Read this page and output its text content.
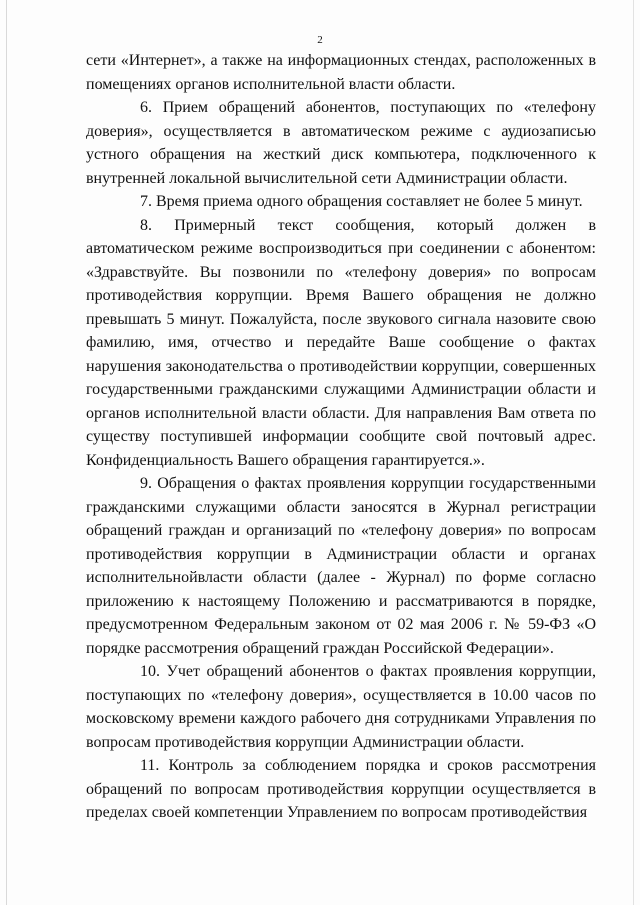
2

сети «Интернет», а также на информационных стендах, расположенных в помещениях органов исполнительной власти области.

6. Прием обращений абонентов, поступающих по «телефону доверия», осуществляется в автоматическом режиме с аудиозаписью устного обращения на жесткий диск компьютера, подключенного к внутренней локальной вычислительной сети Администрации области.

7. Время приема одного обращения составляет не более 5 минут.

8. Примерный текст сообщения, который должен в автоматическом режиме воспроизводиться при соединении с абонентом: «Здравствуйте. Вы позвонили по «телефону доверия» по вопросам противодействия коррупции. Время Вашего обращения не должно превышать 5 минут. Пожалуйста, после звукового сигнала назовите свою фамилию, имя, отчество и передайте Ваше сообщение о фактах нарушения законодательства о противодействии коррупции, совершенных государственными гражданскими служащими Администрации области и органов исполнительной власти области. Для направления Вам ответа по существу поступившей информации сообщите свой почтовый адрес. Конфиденциальность Вашего обращения гарантируется.».

9. Обращения о фактах проявления коррупции государственными гражданскими служащими области заносятся в Журнал регистрации обращений граждан и организаций по «телефону доверия» по вопросам противодействия коррупции в Администрации области и органах исполнительнойвласти области (далее - Журнал) по форме согласно приложению к настоящему Положению и рассматриваются в порядке, предусмотренном Федеральным законом от 02 мая 2006 г. № 59-ФЗ «О порядке рассмотрения обращений граждан Российской Федерации».

10. Учет обращений абонентов о фактах проявления коррупции, поступающих по «телефону доверия», осуществляется в 10.00 часов по московскому времени каждого рабочего дня сотрудниками Управления по вопросам противодействия коррупции Администрации области.

11. Контроль за соблюдением порядка и сроков рассмотрения обращений по вопросам противодействия коррупции осуществляется в пределах своей компетенции Управлением по вопросам противодействия
